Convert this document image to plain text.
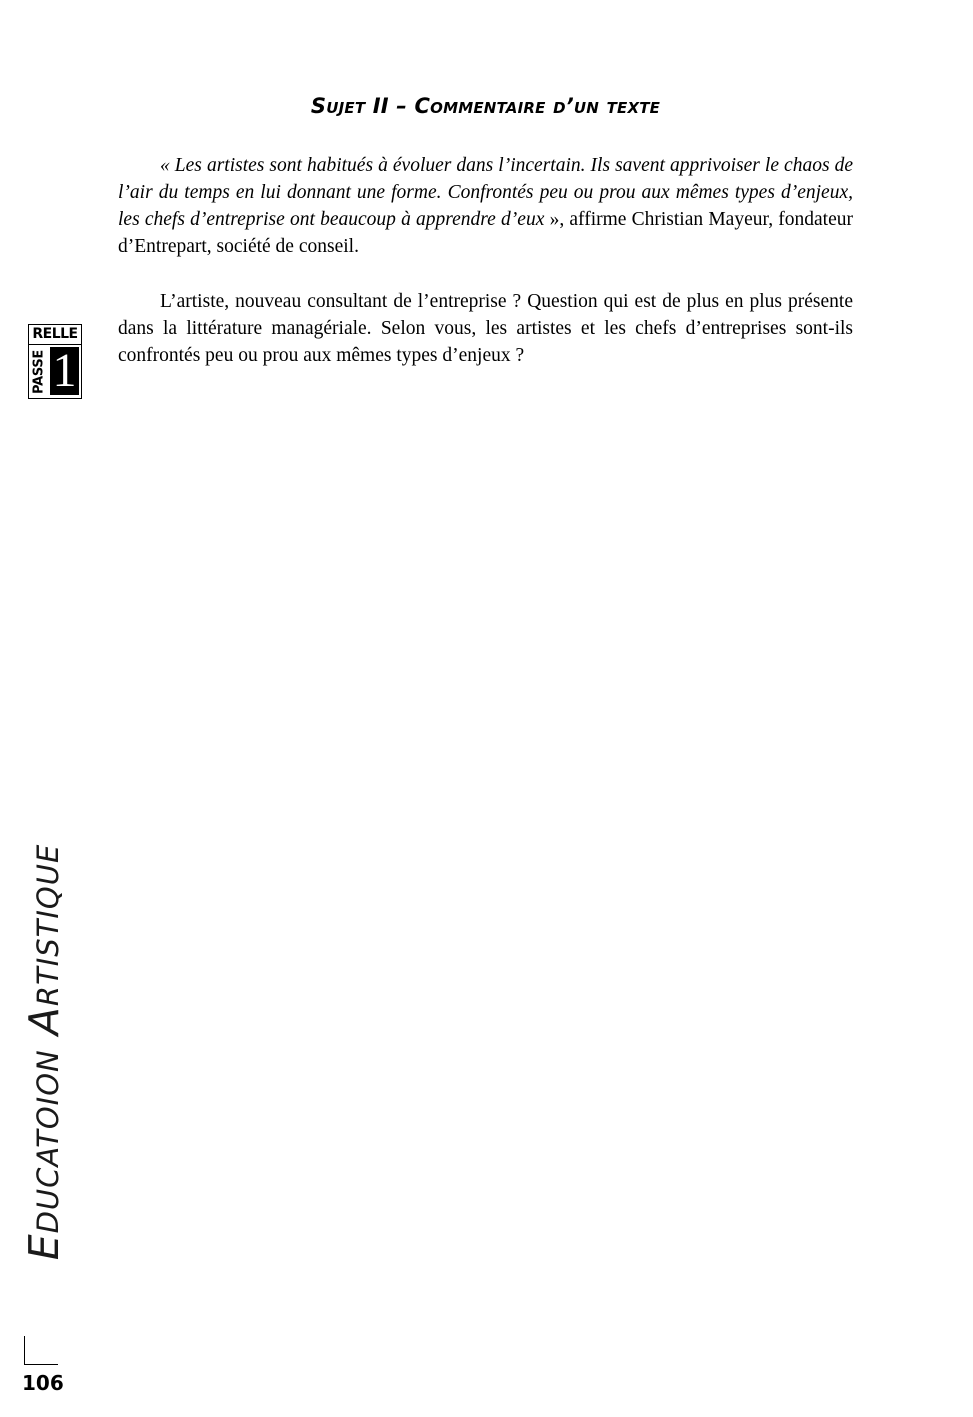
Sujet II – Commentaire d’un texte

« Les artistes sont habitués à évoluer dans l’incertain. Ils savent apprivoiser le chaos de l’air du temps en lui donnant une forme. Confrontés peu ou prou aux mêmes types d’enjeux, les chefs d’entreprise ont beaucoup à apprendre d’eux », affirme Christian Mayeur, fondateur d’Entrepart, société de conseil.

L’artiste, nouveau consultant de l’entreprise ? Question qui est de plus en plus présente dans la littérature managériale. Selon vous, les artistes et les chefs d’entreprises sont-ils confrontés peu ou prou aux mêmes types d’enjeux ?

RELLE
PASSE 1
Educatoion Artistique
106
